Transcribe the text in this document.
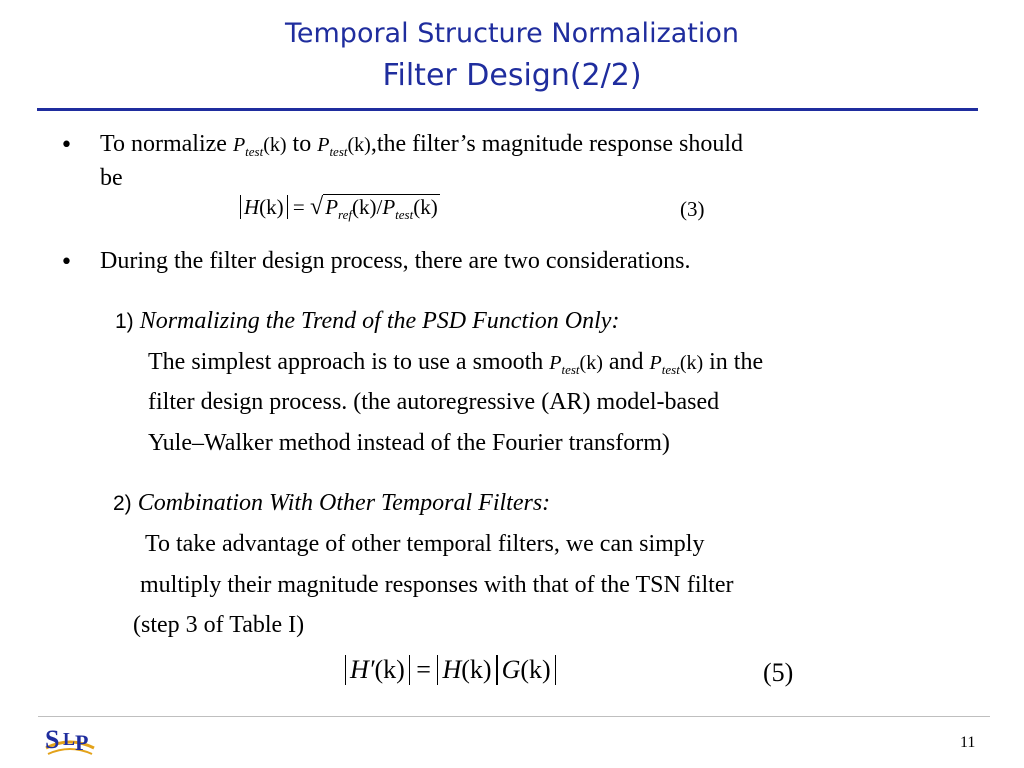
Temporal Structure Normalization
Filter Design(2/2)
• To normalize $P_{test}(k)$ to $P_{test}(k),the$ filter’s magnitude response should
be
$H(k) = √P_{ref}(k)/P_{test}(k)$	(3)
• During the filter design process, there are two considerations.
1) Normalizing the Trend of the PSD Function Only:
The simplest approach is to use a smooth $P_{test}(k)$ and $P_{test}(k)$ in the
filter design process. (the autoregressive (AR) model-based
Yule–Walker method instead of the Fourier transform)
2) Combination With Other Temporal Filters:
To take advantage of other temporal filters, we can simply
multiply their magnitude responses with that of the TSN filter
(step 3 of Table I)
H′(k) = H(k) G(k)	(5)
S L P	11
